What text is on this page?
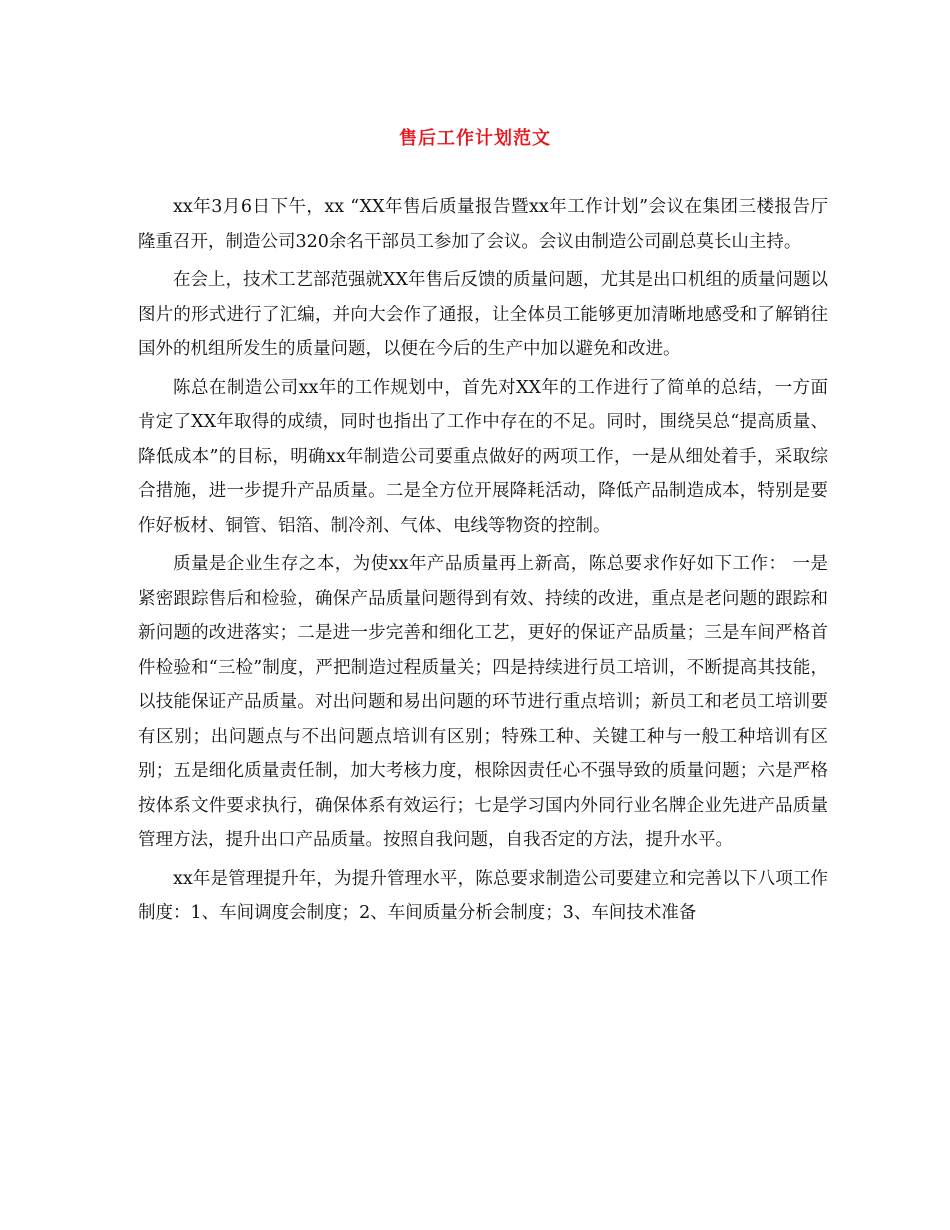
售后工作计划范文

xx年3月6日下午，xx “XX年售后质量报告暨xx年工作计划”会议在集团三楼报告厅隆重召开，制造公司320余名干部员工参加了会议。会议由制造公司副总莫长山主持。

在会上，技术工艺部范强就XX年售后反馈的质量问题，尤其是出口机组的质量问题以图片的形式进行了汇编，并向大会作了通报，让全体员工能够更加清晰地感受和了解销往国外的机组所发生的质量问题，以便在今后的生产中加以避免和改进。

陈总在制造公司xx年的工作规划中，首先对XX年的工作进行了简单的总结，一方面肯定了XX年取得的成绩，同时也指出了工作中存在的不足。同时，围绕吴总“提高质量、降低成本”的目标，明确xx年制造公司要重点做好的两项工作，一是从细处着手，采取综合措施，进一步提升产品质量。二是全方位开展降耗活动，降低产品制造成本，特别是要作好板材、铜管、铝箔、制冷剂、气体、电线等物资的控制。

质量是企业生存之本，为使xx年产品质量再上新高，陈总要求作好如下工作： 一是紧密跟踪售后和检验，确保产品质量问题得到有效、持续的改进，重点是老问题的跟踪和新问题的改进落实；二是进一步完善和细化工艺，更好的保证产品质量；三是车间严格首件检验和“三检”制度，严把制造过程质量关；四是持续进行员工培训，不断提高其技能，以技能保证产品质量。对出问题和易出问题的环节进行重点培训；新员工和老员工培训要有区别；出问题点与不出问题点培训有区别；特殊工种、关键工种与一般工种培训有区别；五是细化质量责任制，加大考核力度，根除因责任心不强导致的质量问题；六是严格按体系文件要求执行，确保体系有效运行；七是学习国内外同行业名牌企业先进产品质量管理方法，提升出口产品质量。按照自我问题，自我否定的方法，提升水平。

xx年是管理提升年，为提升管理水平，陈总要求制造公司要建立和完善以下八项工作制度：1、车间调度会制度；2、车间质量分析会制度；3、车间技术准备
